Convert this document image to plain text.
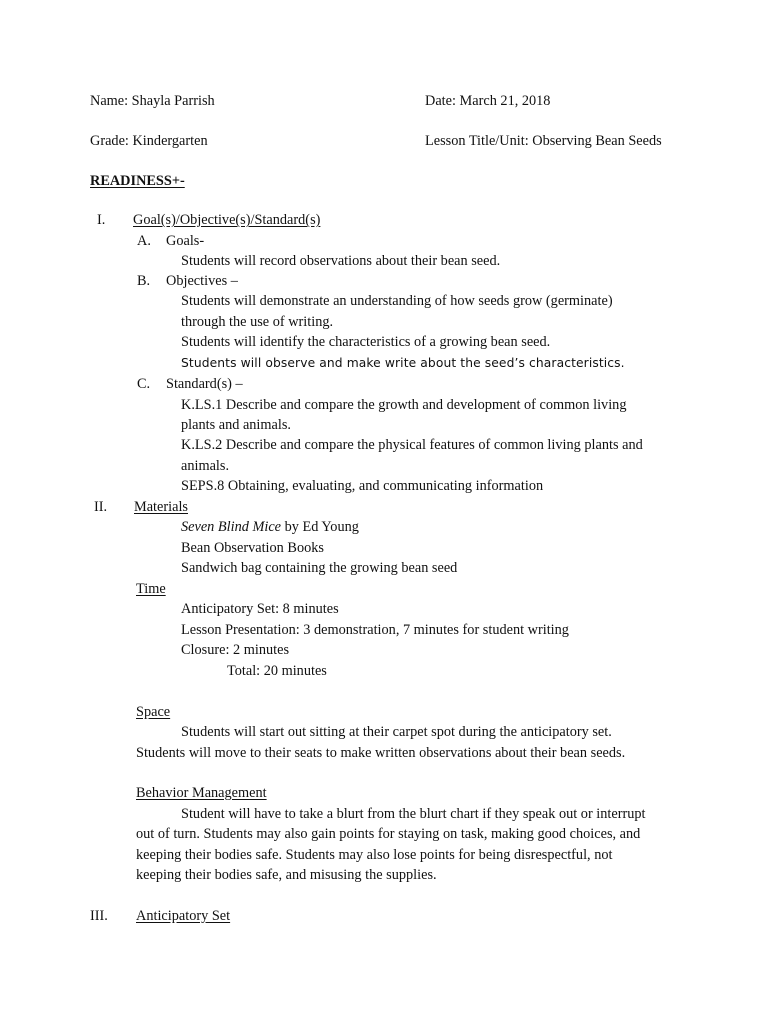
Name: Shayla Parrish	Date: March 21, 2018
Grade: Kindergarten	Lesson Title/Unit: Observing Bean Seeds
READINESS+-
I. Goal(s)/Objective(s)/Standard(s)
A. Goals-
Students will record observations about their bean seed.
B. Objectives –
Students will demonstrate an understanding of how seeds grow (germinate)
through the use of writing.
Students will identify the characteristics of a growing bean seed.
Students will observe and make write about the seed’s characteristics.
C. Standard(s) –
K.LS.1 Describe and compare the growth and development of common living
plants and animals.
K.LS.2 Describe and compare the physical features of common living plants and
animals.
SEPS.8 Obtaining, evaluating, and communicating information
II. Materials
Seven Blind Mice by Ed Young
Bean Observation Books
Sandwich bag containing the growing bean seed
Time
Anticipatory Set: 8 minutes
Lesson Presentation: 3 demonstration, 7 minutes for student writing
Closure: 2 minutes
Total: 20 minutes
Space
Students will start out sitting at their carpet spot during the anticipatory set.
Students will move to their seats to make written observations about their bean seeds.
Behavior Management
Student will have to take a blurt from the blurt chart if they speak out or interrupt
out of turn. Students may also gain points for staying on task, making good choices, and
keeping their bodies safe. Students may also lose points for being disrespectful, not
keeping their bodies safe, and misusing the supplies.
III. Anticipatory Set
